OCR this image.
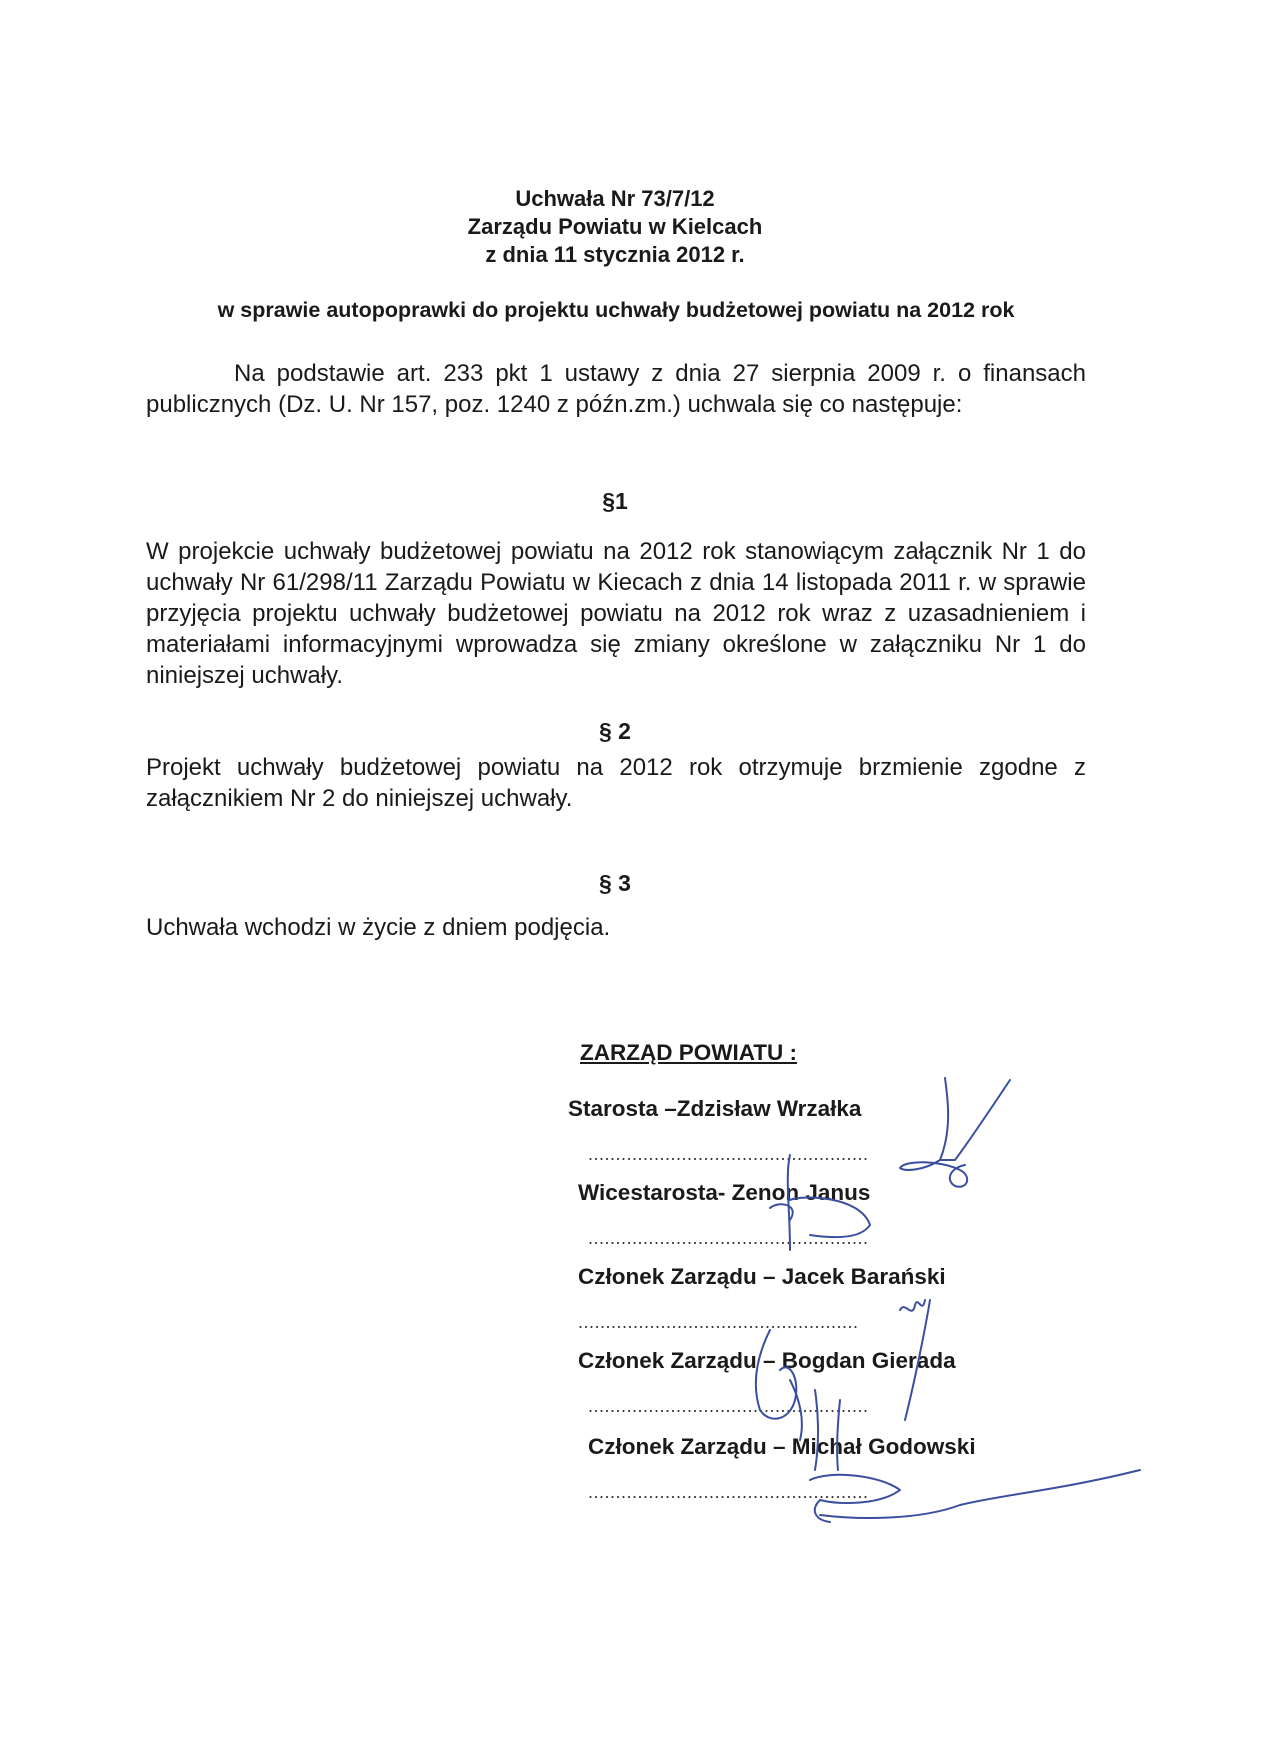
Uchwała Nr 73/7/12
Zarządu Powiatu w Kielcach
z dnia 11 stycznia 2012 r.
w sprawie autopoprawki do projektu uchwały budżetowej powiatu na 2012 rok
Na podstawie art. 233 pkt 1 ustawy z dnia 27 sierpnia 2009 r. o finansach publicznych (Dz. U. Nr 157, poz. 1240 z późn.zm.) uchwala się co następuje:
§1
W projekcie uchwały budżetowej powiatu na 2012 rok stanowiącym załącznik Nr 1 do uchwały Nr 61/298/11 Zarządu Powiatu w Kiecach z dnia 14 listopada 2011 r. w sprawie przyjęcia projektu uchwały budżetowej powiatu na 2012 rok wraz z uzasadnieniem i materiałami informacyjnymi wprowadza się zmiany określone w załączniku Nr 1 do niniejszej uchwały.
§ 2
Projekt uchwały budżetowej powiatu na 2012 rok otrzymuje brzmienie zgodne z załącznikiem Nr 2 do niniejszej uchwały.
§ 3
Uchwała wchodzi w życie z dniem podjęcia.
ZARZĄD POWIATU :
Starosta –Zdzisław Wrzałka
...................................................
Wicestarosta- Zenon Janus
...................................................
Członek Zarządu – Jacek Barański
...................................................
Członek Zarządu – Bogdan Gierada
...................................................
Członek Zarządu – Michał Godowski
...................................................
